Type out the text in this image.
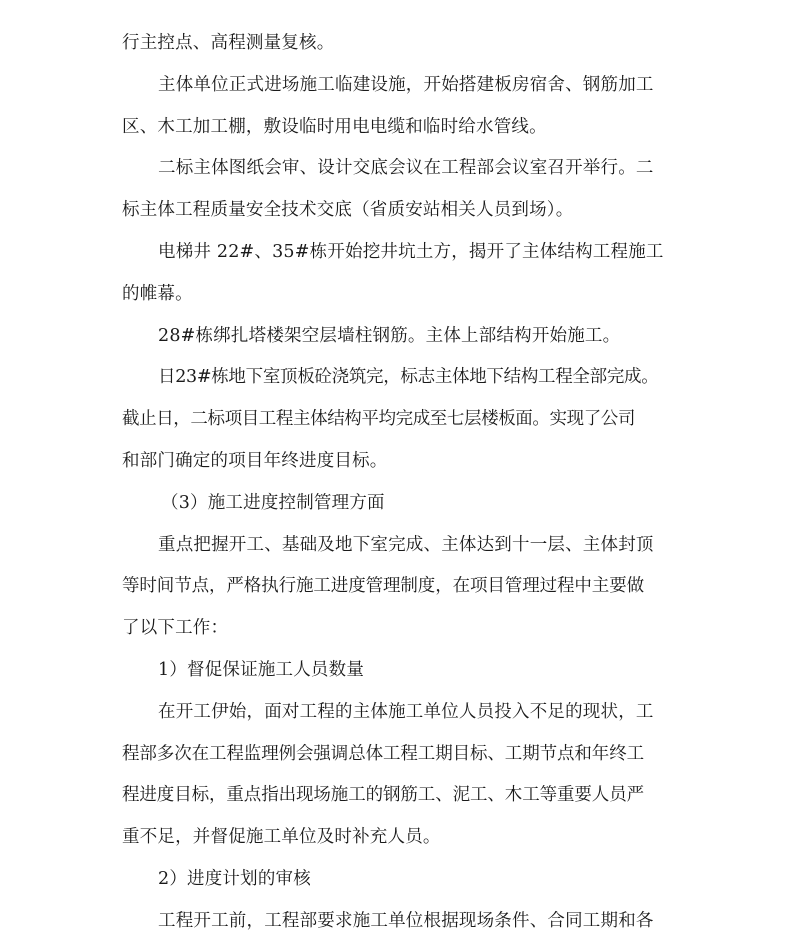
行主控点、高程测量复核。
主体单位正式进场施工临建设施，开始搭建板房宿舍、钢筋加工
区、木工加工棚，敷设临时用电电缆和临时给水管线。
二标主体图纸会审、设计交底会议在工程部会议室召开举行。二
标主体工程质量安全技术交底（省质安站相关人员到场）。
电梯井 22#、35#栋开始挖井坑土方，揭开了主体结构工程施工
的帷幕。
28#栋绑扎塔楼架空层墙柱钢筋。主体上部结构开始施工。
日23#栋地下室顶板砼浇筑完，标志主体地下结构工程全部完成。
截止日，二标项目工程主体结构平均完成至七层楼板面。实现了公司
和部门确定的项目年终进度目标。
（3）施工进度控制管理方面
重点把握开工、基础及地下室完成、主体达到十一层、主体封顶
等时间节点，严格执行施工进度管理制度，在项目管理过程中主要做
了以下工作：
1）督促保证施工人员数量
在开工伊始，面对工程的主体施工单位人员投入不足的现状，工
程部多次在工程监理例会强调总体工程工期目标、工期节点和年终工
程进度目标，重点指出现场施工的钢筋工、泥工、木工等重要人员严
重不足，并督促施工单位及时补充人员。
2）进度计划的审核
工程开工前，工程部要求施工单位根据现场条件、合同工期和各
